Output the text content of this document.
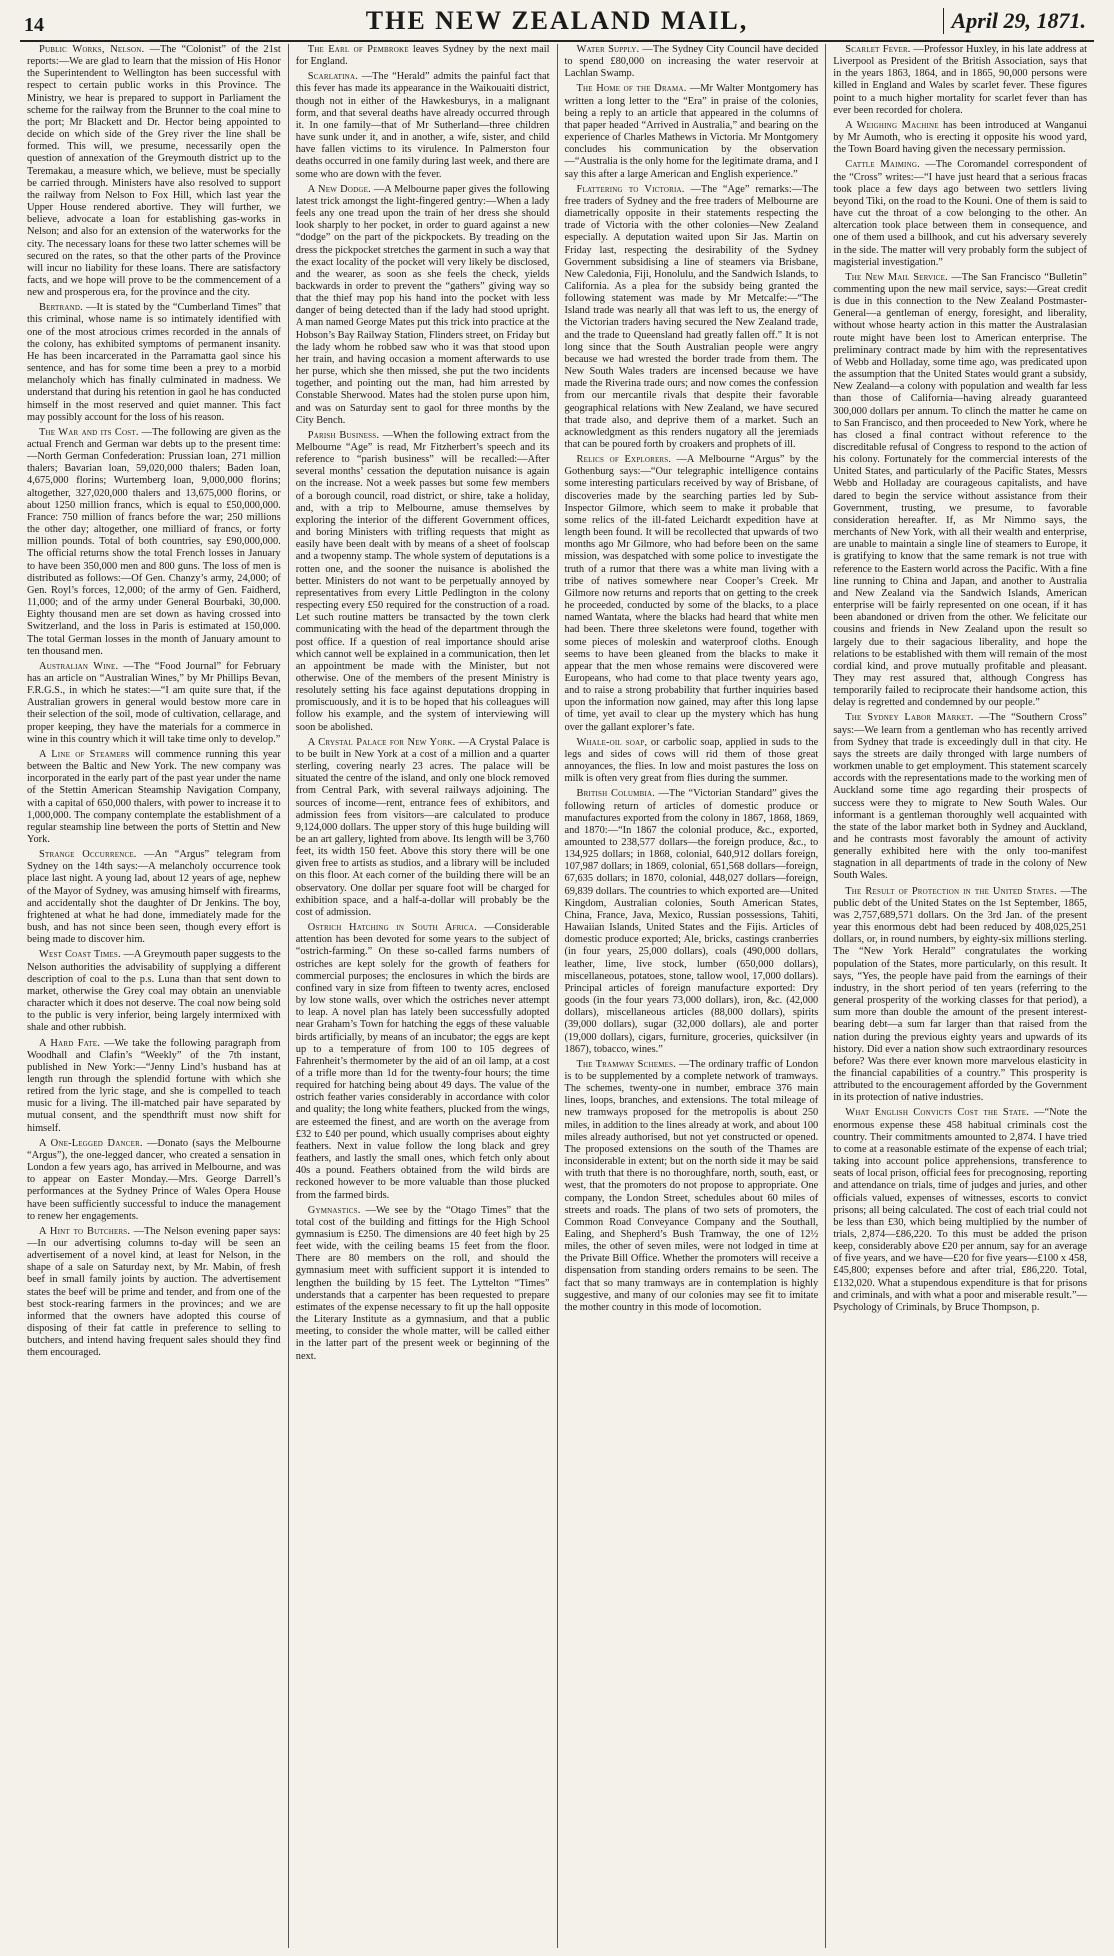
14	THE NEW ZEALAND MAIL,	April 29, 1871.

Public Works, Nelson. —The “Colonist” of the 21st reports:—We are glad to learn that the mission of His Honor the Superintendent to Wellington has been successful with respect to certain public works in this Province. The Ministry, we hear is prepared to support in Parliament the scheme for the railway from the Brunner to the coal mine to the port; Mr Blackett and Dr. Hector being appointed to decide on which side of the Grey river the line shall be formed. This will, we presume, necessarily open the question of annexation of the Greymouth district up to the Teremakau, a measure which, we believe, must be specially be carried through. Ministers have also resolved to support the railway from Nelson to Fox Hill, which last year the Upper House rendered abortive. They will further, we believe, advocate a loan for establishing gas-works in Nelson; and also for an extension of the waterworks for the city. The necessary loans for these two latter schemes will be secured on the rates, so that the other parts of the Province will incur no liability for these loans. There are satisfactory facts, and we hope will prove to be the commencement of a new and prosperous era, for the province and the city.

Bertrand. —It is stated by the “Cumberland Times” that this criminal, whose name is so intimately identified with one of the most atrocious crimes recorded in the annals of the colony, has exhibited symptoms of permanent insanity. He has been incarcerated in the Parramatta gaol since his sentence, and has for some time been a prey to a morbid melancholy which has finally culminated in madness. We understand that during his retention in gaol he has conducted himself in the most reserved and quiet manner. This fact may possibly account for the loss of his reason.

The War and its Cost. —The following are given as the actual French and German war debts up to the present time:—North German Confederation: Prussian loan, 271 million thalers; Bavarian loan, 59,020,000 thalers; Baden loan, 4,675,000 florins; Wurtemberg loan, 9,000,000 florins; altogether, 327,020,000 thalers and 13,675,000 florins, or about 1250 million francs, which is equal to £50,000,000. France: 750 million of francs before the war; 250 millions the other day; altogether, one milliard of francs, or forty million pounds. Total of both countries, say £90,000,000. The official returns show the total French losses in January to have been 350,000 men and 800 guns. The loss of men is distributed as follows:—Of Gen. Chanzy’s army, 24,000; of Gen. Royl’s forces, 12,000; of the army of Gen. Faidherd, 11,000; and of the army under General Bourbaki, 30,000. Eighty thousand men are set down as having crossed into Switzerland, and the loss in Paris is estimated at 150,000. The total German losses in the month of January amount to ten thousand men.

Australian Wine. —The “Food Journal” for February has an article on “Australian Wines,” by Mr Phillips Bevan, F.R.G.S., in which he states:—“I am quite sure that, if the Australian growers in general would bestow more care in their selection of the soil, mode of cultivation, cellarage, and proper keeping, they have the materials for a commerce in wine in this country which it will take time only to develop.”

A Line of Steamers will commence running this year between the Baltic and New York. The new company was incorporated in the early part of the past year under the name of the Stettin American Steamship Navigation Company, with a capital of 650,000 thalers, with power to increase it to 1,000,000. The company contemplate the establishment of a regular steamship line between the ports of Stettin and New York.

Strange Occurrence. —An “Argus” telegram from Sydney on the 14th says:—A melancholy occurrence took place last night. A young lad, about 12 years of age, nephew of the Mayor of Sydney, was amusing himself with firearms, and accidentally shot the daughter of Dr Jenkins. The boy, frightened at what he had done, immediately made for the bush, and has not since been seen, though every effort is being made to discover him.

West Coast Times. —A Greymouth paper suggests to the Nelson authorities the advisability of supplying a different description of coal to the p.s. Luna than that sent down to market, otherwise the Grey coal may obtain an unenviable character which it does not deserve. The coal now being sold to the public is very inferior, being largely intermixed with shale and other rubbish.

A Hard Fate. —We take the following paragraph from Woodhall and Clafin’s “Weekly” of the 7th instant, published in New York:—“Jenny Lind’s husband has at length run through the splendid fortune with which she retired from the lyric stage, and she is compelled to teach music for a living. The ill-matched pair have separated by mutual consent, and the spendthrift must now shift for himself.

A One-Legged Dancer. —Donato (says the Melbourne “Argus”), the one-legged dancer, who created a sensation in London a few years ago, has arrived in Melbourne, and was to appear on Easter Monday.—Mrs. George Darrell’s performances at the Sydney Prince of Wales Opera House have been sufficiently successful to induce the management to renew her engagements.

A Hint to Butchers. —The Nelson evening paper says:—In our advertising columns to-day will be seen an advertisement of a novel kind, at least for Nelson, in the shape of a sale on Saturday next, by Mr. Mabin, of fresh beef in small family joints by auction. The advertisement states the beef will be prime and tender, and from one of the best stock-rearing farmers in the provinces; and we are informed that the owners have adopted this course of disposing of their fat cattle in preference to selling to butchers, and intend having frequent sales should they find them encouraged.

The Earl of Pembroke leaves Sydney by the next mail for England.

Scarlatina. —The “Herald” admits the painful fact that this fever has made its appearance in the Waikouaiti district, though not in either of the Hawkesburys, in a malignant form, and that several deaths have already occurred through it. In one family—that of Mr Sutherland—three children have sunk under it, and in another, a wife, sister, and child have fallen victims to its virulence. In Palmerston four deaths occurred in one family during last week, and there are some who are down with the fever.

A New Dodge. —A Melbourne paper gives the following latest trick amongst the light-fingered gentry:—When a lady feels any one tread upon the train of her dress she should look sharply to her pocket, in order to guard against a new “dodge” on the part of the pickpockets. By treading on the dress the pickpocket stretches the garment in such a way that the exact locality of the pocket will very likely be disclosed, and the wearer, as soon as she feels the check, yields backwards in order to prevent the “gathers” giving way so that the thief may pop his hand into the pocket with less danger of being detected than if the lady had stood upright. A man named George Mates put this trick into practice at the Hobson’s Bay Railway Station, Flinders street, on Friday but the lady whom he robbed saw who it was that stood upon her train, and having occasion a moment afterwards to use her purse, which she then missed, she put the two incidents together, and pointing out the man, had him arrested by Constable Sherwood. Mates had the stolen purse upon him, and was on Saturday sent to gaol for three months by the City Bench.

Parish Business. —When the following extract from the Melbourne “Age” is read, Mr Fitzherbert’s speech and its reference to “parish business” will be recalled:—After several months’ cessation the deputation nuisance is again on the increase. Not a week passes but some few members of a borough council, road district, or shire, take a holiday, and, with a trip to Melbourne, amuse themselves by exploring the interior of the different Government offices, and boring Ministers with trifling requests that might as easily have been dealt with by means of a sheet of foolscap and a twopenny stamp. The whole system of deputations is a rotten one, and the sooner the nuisance is abolished the better. Ministers do not want to be perpetually annoyed by representatives from every Little Pedlington in the colony respecting every £50 required for the construction of a road. Let such routine matters be transacted by the town clerk communicating with the head of the department through the post office. If a question of real importance should arise which cannot well be explained in a communication, then let an appointment be made with the Minister, but not otherwise. One of the members of the present Ministry is resolutely setting his face against deputations dropping in promiscuously, and it is to be hoped that his colleagues will follow his example, and the system of interviewing will soon be abolished.

A Crystal Palace for New York. —A Crystal Palace is to be built in New York at a cost of a million and a quarter sterling, covering nearly 23 acres. The palace will be situated the centre of the island, and only one block removed from Central Park, with several railways adjoining. The sources of income—rent, entrance fees of exhibitors, and admission fees from visitors—are calculated to produce 9,124,000 dollars. The upper story of this huge building will be an art gallery, lighted from above. Its length will be 3,760 feet, its width 150 feet. Above this story there will be one given free to artists as studios, and a library will be included on this floor. At each corner of the building there will be an observatory. One dollar per square foot will be charged for exhibition space, and a half-a-dollar will probably be the cost of admission.

Ostrich Hatching in South Africa. —Considerable attention has been devoted for some years to the subject of “ostrich-farming.” On these so-called farms numbers of ostriches are kept solely for the growth of feathers for commercial purposes; the enclosures in which the birds are confined vary in size from fifteen to twenty acres, enclosed by low stone walls, over which the ostriches never attempt to leap. A novel plan has lately been successfully adopted near Graham’s Town for hatching the eggs of these valuable birds artificially, by means of an incubator; the eggs are kept up to a temperature of from 100 to 105 degrees of Fahrenheit’s thermometer by the aid of an oil lamp, at a cost of a trifle more than 1d for the twenty-four hours; the time required for hatching being about 49 days. The value of the ostrich feather varies considerably in accordance with color and quality; the long white feathers, plucked from the wings, are esteemed the finest, and are worth on the average from £32 to £40 per pound, which usually comprises about eighty feathers. Next in value follow the long black and grey feathers, and lastly the small ones, which fetch only about 40s a pound. Feathers obtained from the wild birds are reckoned however to be more valuable than those plucked from the farmed birds.

Gymnastics. —We see by the “Otago Times” that the total cost of the building and fittings for the High School gymnasium is £250. The dimensions are 40 feet high by 25 feet wide, with the ceiling beams 15 feet from the floor. There are 80 members on the roll, and should the gymnasium meet with sufficient support it is intended to lengthen the building by 15 feet. The Lyttelton “Times” understands that a carpenter has been requested to prepare estimates of the expense necessary to fit up the hall opposite the Literary Institute as a gymnasium, and that a public meeting, to consider the whole matter, will be called either in the latter part of the present week or beginning of the next.

Water Supply. —The Sydney City Council have decided to spend £80,000 on increasing the water reservoir at Lachlan Swamp.

The Home of the Drama. —Mr Walter Montgomery has written a long letter to the “Era” in praise of the colonies, being a reply to an article that appeared in the columns of that paper headed “Arrived in Australia,” and bearing on the experience of Charles Mathews in Victoria. Mr Montgomery concludes his communication by the observation—“Australia is the only home for the legitimate drama, and I say this after a large American and English experience.”

Flattering to Victoria. —The “Age” remarks:—The free traders of Sydney and the free traders of Melbourne are diametrically opposite in their statements respecting the trade of Victoria with the other colonies—New Zealand especially. A deputation waited upon Sir Jas. Martin on Friday last, respecting the desirability of the Sydney Government subsidising a line of steamers via Brisbane, New Caledonia, Fiji, Honolulu, and the Sandwich Islands, to California. As a plea for the subsidy being granted the following statement was made by Mr Metcalfe:—“The Island trade was nearly all that was left to us, the energy of the Victorian traders having secured the New Zealand trade, and the trade to Queensland had greatly fallen off.” It is not long since that the South Australian people were angry because we had wrested the border trade from them. The New South Wales traders are incensed because we have made the Riverina trade ours; and now comes the confession from our mercantile rivals that despite their favorable geographical relations with New Zealand, we have secured that trade also, and deprive them of a market. Such an acknowledgment as this renders nugatory all the jeremiads that can be poured forth by croakers and prophets of ill.

Relics of Explorers. —A Melbourne “Argus” by the Gothenburg says:—“Our telegraphic intelligence contains some interesting particulars received by way of Brisbane, of discoveries made by the searching parties led by Sub-Inspector Gilmore, which seem to make it probable that some relics of the ill-fated Leichardt expedition have at length been found. It will be recollected that upwards of two months ago Mr Gilmore, who had before been on the same mission, was despatched with some police to investigate the truth of a rumor that there was a white man living with a tribe of natives somewhere near Cooper’s Creek. Mr Gilmore now returns and reports that on getting to the creek he proceeded, conducted by some of the blacks, to a place named Wantata, where the blacks had heard that white men had been. There three skeletons were found, together with some pieces of moleskin and waterproof cloths. Enough seems to have been gleaned from the blacks to make it appear that the men whose remains were discovered were Europeans, who had come to that place twenty years ago, and to raise a strong probability that further inquiries based upon the information now gained, may after this long lapse of time, yet avail to clear up the mystery which has hung over the gallant explorer’s fate.

Whale-oil soap, or carbolic soap, applied in suds to the legs and sides of cows will rid them of those great annoyances, the flies. In low and moist pastures the loss on milk is often very great from flies during the summer.

British Columbia. —The “Victorian Standard” gives the following return of articles of domestic produce or manufactures exported from the colony in 1867, 1868, 1869, and 1870:—“In 1867 the colonial produce, &c., exported, amounted to 238,577 dollars—the foreign produce, &c., to 134,925 dollars; in 1868, colonial, 640,912 dollars foreign, 107,987 dollars; in 1869, colonial, 651,568 dollars—foreign, 67,635 dollars; in 1870, colonial, 448,027 dollars—foreign, 69,839 dollars. The countries to which exported are—United Kingdom, Australian colonies, South American States, China, France, Java, Mexico, Russian possessions, Tahiti, Hawaiian Islands, United States and the Fijis. Articles of domestic produce exported; Ale, bricks, castings cranberries (in four years, 25,000 dollars), coals (490,000 dollars, leather, lime, live stock, lumber (650,000 dollars), miscellaneous, potatoes, stone, tallow wool, 17,000 dollars). Principal articles of foreign manufacture exported: Dry goods (in the four years 73,000 dollars), iron, &c. (42,000 dollars), miscellaneous articles (88,000 dollars), spirits (39,000 dollars), sugar (32,000 dollars), ale and porter (19,000 dollars), cigars, furniture, groceries, quicksilver (in 1867), tobacco, wines.”

The Tramway Schemes. —The ordinary traffic of London is to be supplemented by a complete network of tramways. The schemes, twenty-one in number, embrace 376 main lines, loops, branches, and extensions. The total mileage of new tramways proposed for the metropolis is about 250 miles, in addition to the lines already at work, and about 100 miles already authorised, but not yet constructed or opened. The proposed extensions on the south of the Thames are inconsiderable in extent; but on the north side it may be said with truth that there is no thoroughfare, north, south, east, or west, that the promoters do not propose to appropriate. One company, the London Street, schedules about 60 miles of streets and roads. The plans of two sets of promoters, the Common Road Conveyance Company and the Southall, Ealing, and Shepherd’s Bush Tramway, the one of 12½ miles, the other of seven miles, were not lodged in time at the Private Bill Office. Whether the promoters will receive a dispensation from standing orders remains to be seen. The fact that so many tramways are in contemplation is highly suggestive, and many of our colonies may see fit to imitate the mother country in this mode of locomotion.

Scarlet Fever. —Professor Huxley, in his late address at Liverpool as President of the British Association, says that in the years 1863, 1864, and in 1865, 90,000 persons were killed in England and Wales by scarlet fever. These figures point to a much higher mortality for scarlet fever than has ever been recorded for cholera.

A Weighing Machine has been introduced at Wanganui by Mr Aumoth, who is erecting it opposite his wood yard, the Town Board having given the necessary permission.

Cattle Maiming. —The Coromandel correspondent of the “Cross” writes:—“I have just heard that a serious fracas took place a few days ago between two settlers living beyond Tiki, on the road to the Kouni. One of them is said to have cut the throat of a cow belonging to the other. An altercation took place between them in consequence, and one of them used a billhook, and cut his adversary severely in the side. The matter will very probably form the subject of magisterial investigation.”

The New Mail Service. —The San Francisco “Bulletin” commenting upon the new mail service, says:—Great credit is due in this connection to the New Zealand Postmaster-General—a gentleman of energy, foresight, and liberality, without whose hearty action in this matter the Australasian route might have been lost to American enterprise. The preliminary contract made by him with the representatives of Webb and Holladay, some time ago, was predicated upon the assumption that the United States would grant a subsidy, New Zealand—a colony with population and wealth far less than those of California—having already guaranteed 300,000 dollars per annum. To clinch the matter he came on to San Francisco, and then proceeded to New York, where he has closed a final contract without reference to the discreditable refusal of Congress to respond to the action of his colony. Fortunately for the commercial interests of the United States, and particularly of the Pacific States, Messrs Webb and Holladay are courageous capitalists, and have dared to begin the service without assistance from their Government, trusting, we presume, to favorable consideration hereafter. If, as Mr Nimmo says, the merchants of New York, with all their wealth and enterprise, are unable to maintain a single line of steamers to Europe, it is gratifying to know that the same remark is not true with reference to the Eastern world across the Pacific. With a fine line running to China and Japan, and another to Australia and New Zealand via the Sandwich Islands, American enterprise will be fairly represented on one ocean, if it has been abandoned or driven from the other. We felicitate our cousins and friends in New Zealand upon the result so largely due to their sagacious liberality, and hope the relations to be established with them will remain of the most cordial kind, and prove mutually profitable and pleasant. They may rest assured that, although Congress has temporarily failed to reciprocate their handsome action, this delay is regretted and condemned by our people.”

The Sydney Labor Market. —The “Southern Cross” says:—We learn from a gentleman who has recently arrived from Sydney that trade is exceedingly dull in that city. He says the streets are daily thronged with large numbers of workmen unable to get employment. This statement scarcely accords with the representations made to the working men of Auckland some time ago regarding their prospects of success were they to migrate to New South Wales. Our informant is a gentleman thoroughly well acquainted with the state of the labor market both in Sydney and Auckland, and he contrasts most favorably the amount of activity generally exhibited here with the only too-manifest stagnation in all departments of trade in the colony of New South Wales.

The Result of Protection in the United States. —The public debt of the United States on the 1st September, 1865, was 2,757,689,571 dollars. On the 3rd Jan. of the present year this enormous debt had been reduced by 408,025,251 dollars, or, in round numbers, by eighty-six millions sterling. The “New York Herald” congratulates the working population of the States, more particularly, on this result. It says, “Yes, the people have paid from the earnings of their industry, in the short period of ten years (referring to the general prosperity of the working classes for that period), a sum more than double the amount of the present interest-bearing debt—a sum far larger than that raised from the nation during the previous eighty years and upwards of its history. Did ever a nation show such extraordinary resources before? Was there ever known more marvelous elasticity in the financial capabilities of a country.” This prosperity is attributed to the encouragement afforded by the Government in its protection of native industries.

What English Convicts Cost the State. —“Note the enormous expense these 458 habitual criminals cost the country. Their commitments amounted to 2,874. I have tried to come at a reasonable estimate of the expense of each trial; taking into account police apprehensions, transference to seats of local prison, official fees for precognosing, reporting and attendance on trials, time of judges and juries, and other officials valued, expenses of witnesses, escorts to convict prisons; all being calculated. The cost of each trial could not be less than £30, which being multiplied by the number of trials, 2,874—£86,220. To this must be added the prison keep, considerably above £20 per annum, say for an average of five years, and we have—£20 for five years—£100 x 458, £45,800; expenses before and after trial, £86,220. Total, £132,020. What a stupendous expenditure is that for prisons and criminals, and with what a poor and miserable result.”—Psychology of Criminals, by Bruce Thompson, p.
